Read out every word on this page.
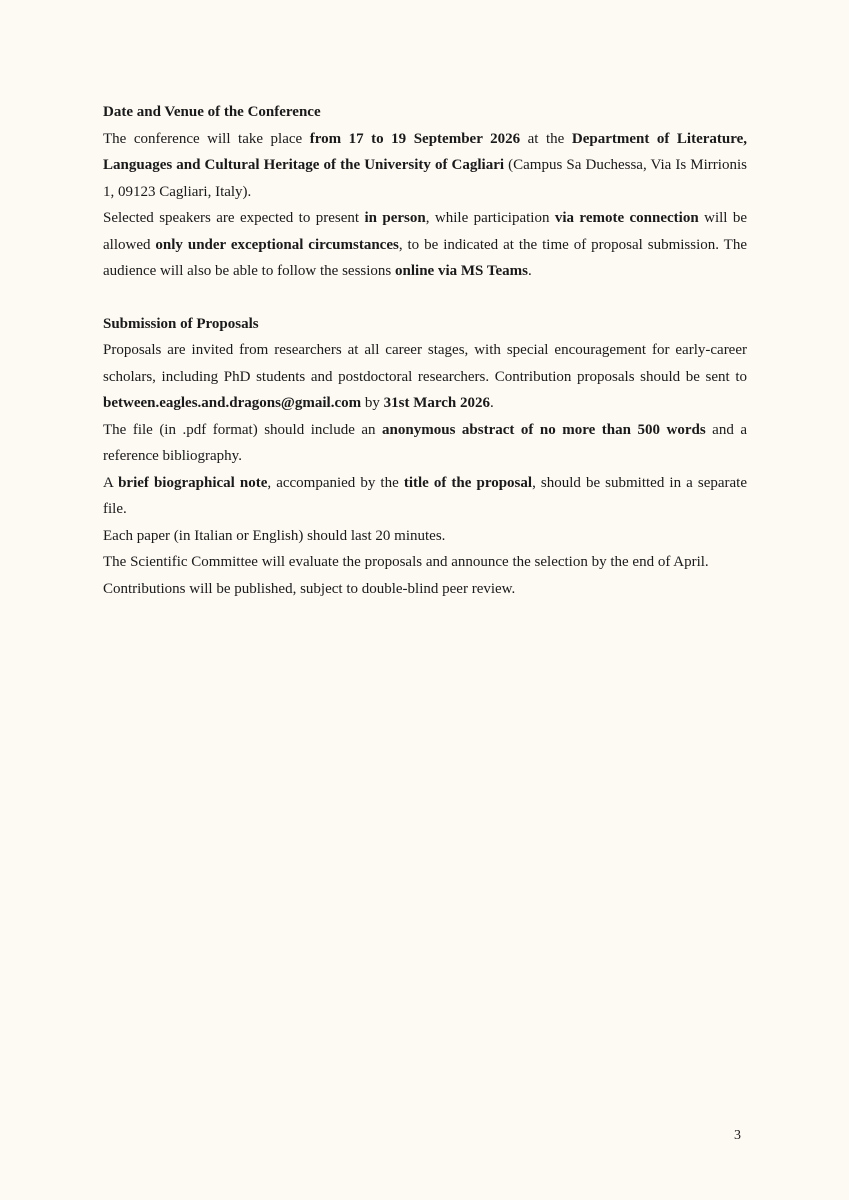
Date and Venue of the Conference

The conference will take place from 17 to 19 September 2026 at the Department of Literature, Languages and Cultural Heritage of the University of Cagliari (Campus Sa Duchessa, Via Is Mirrionis 1, 09123 Cagliari, Italy).

Selected speakers are expected to present in person, while participation via remote connection will be allowed only under exceptional circumstances, to be indicated at the time of proposal submission. The audience will also be able to follow the sessions online via MS Teams.

Submission of Proposals

Proposals are invited from researchers at all career stages, with special encouragement for early-career scholars, including PhD students and postdoctoral researchers. Contribution proposals should be sent to between.eagles.and.dragons@gmail.com by 31st March 2026.

The file (in .pdf format) should include an anonymous abstract of no more than 500 words and a reference bibliography.

A brief biographical note, accompanied by the title of the proposal, should be submitted in a separate file.

Each paper (in Italian or English) should last 20 minutes.

The Scientific Committee will evaluate the proposals and announce the selection by the end of April.

Contributions will be published, subject to double-blind peer review.

3
